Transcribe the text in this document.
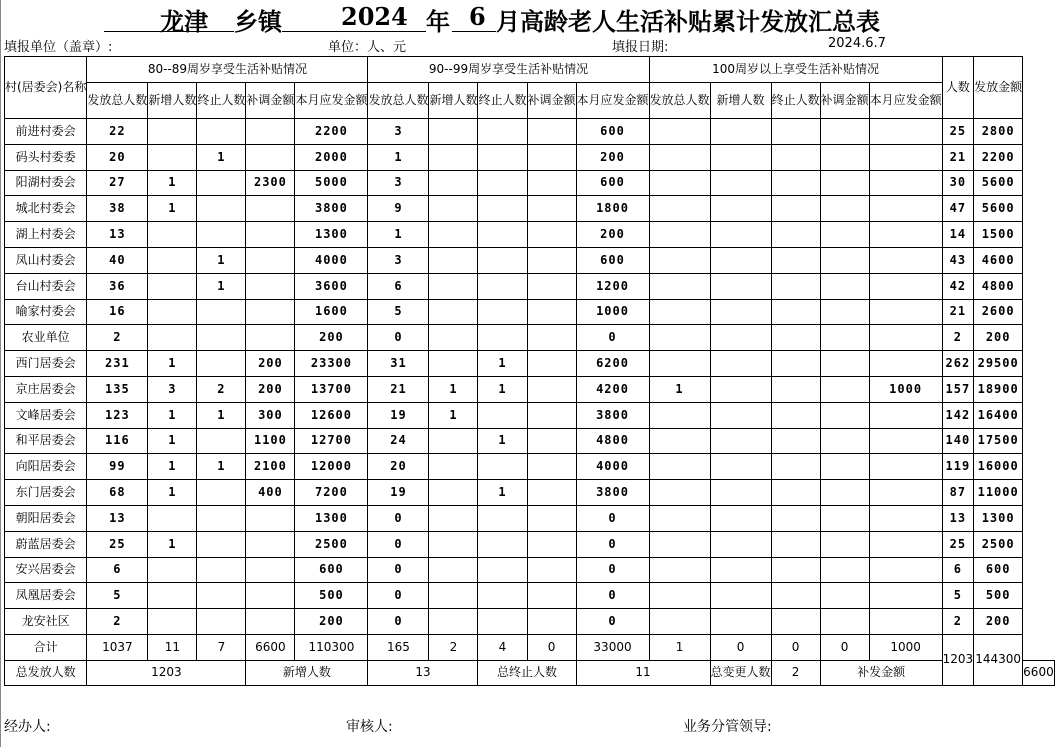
龙津 乡镇 2024 年 6 月高龄老人生活补贴累计发放汇总表
填报单位（盖章）:	单位：人、元	填报日期:	2024.6.7
村(居委会)名称	80--89周岁享受生活补贴情况					90--99周岁享受生活补贴情况					100周岁以上享受生活补贴情况					人数	发放金额	
	发放总人数	新增人数	终止人数	补调金额	本月应发金额	发放总人数	新增人数	终止人数	补调金额	本月应发金额	发放总人数	新增人数	终止人数	补调金额	本月应发金额			
前进村委会	22				2200	3				600						25	2800	
码头村委委	20		1		2000	1				200						21	2200	
阳湖村委会	27	1		2300	5000	3				600						30	5600	
城北村委会	38	1			3800	9				1800						47	5600	
湖上村委会	13				1300	1				200						14	1500	
凤山村委会	40		1		4000	3				600						43	4600	
台山村委会	36		1		3600	6				1200						42	4800	
喻家村委会	16				1600	5				1000						21	2600	
农业单位	2				200	0				0						2	200	
西门居委会	231	1		200	23300	31		1		6200						262	29500	
京庄居委会	135	3	2	200	13700	21	1	1		4200	1				1000	157	18900	
文峰居委会	123	1	1	300	12600	19	1			3800						142	16400	
和平居委会	116	1		1100	12700	24		1		4800						140	17500	
向阳居委会	99	1	1	2100	12000	20				4000						119	16000	
东门居委会	68	1		400	7200	19		1		3800						87	11000	
朝阳居委会	13				1300	0				0						13	1300	
蔚蓝居委会	25	1			2500	0				0						25	2500	
安兴居委会	6				600	0				0						6	600	
凤凰居委会	5				500	0				0						5	500	
龙安社区	2				200	0				0						2	200	
合计	1037	11	7	6600	110300	165	2	4	0	33000	1	0	0	0	1000	1203	144300	
总发放人数	1203			新增人数		13		总终止人数		11		总变更人数	2	补发金额				6600
经办人:	审核人:	业务分管领导:
